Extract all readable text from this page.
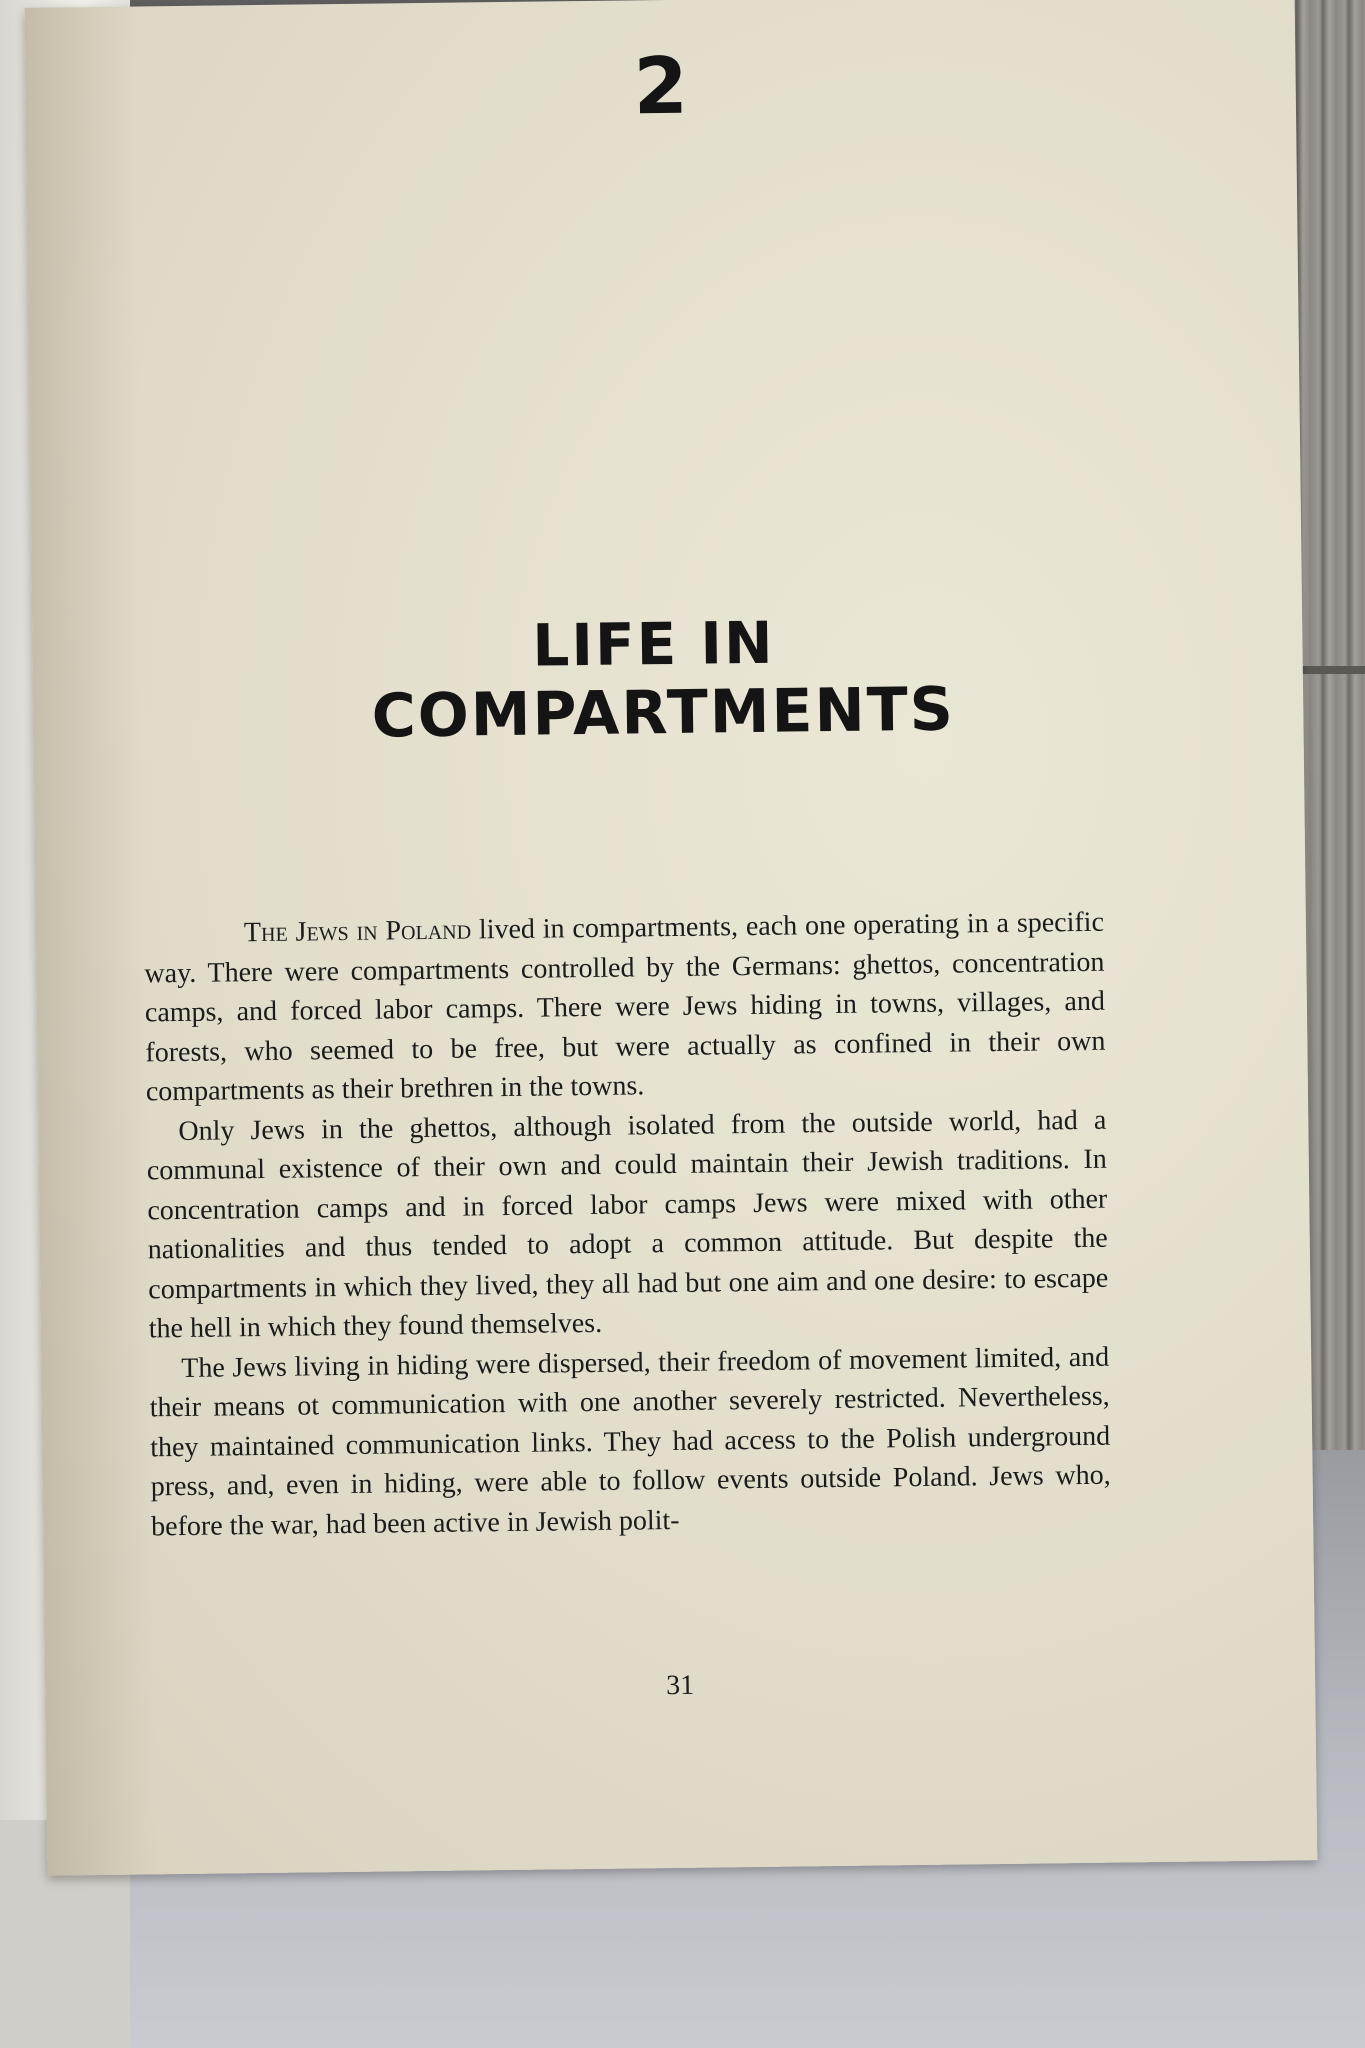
2
LIFE IN
COMPARTMENTS

The Jews in Poland lived in compartments, each one operating in a specific way. There were compartments controlled by the Germans: ghettos, concentration camps, and forced labor camps. There were Jews hiding in towns, villages, and forests, who seemed to be free, but were actually as confined in their own compartments as their brethren in the towns.

Only Jews in the ghettos, although isolated from the outside world, had a communal existence of their own and could maintain their Jewish traditions. In concentration camps and in forced labor camps Jews were mixed with other nationalities and thus tended to adopt a common attitude. But despite the compartments in which they lived, they all had but one aim and one desire: to escape the hell in which they found themselves.

The Jews living in hiding were dispersed, their freedom of movement limited, and their means ot communication with one another severely restricted. Nevertheless, they maintained communication links. They had access to the Polish underground press, and, even in hiding, were able to follow events outside Poland. Jews who, before the war, had been active in Jewish polit-

31
